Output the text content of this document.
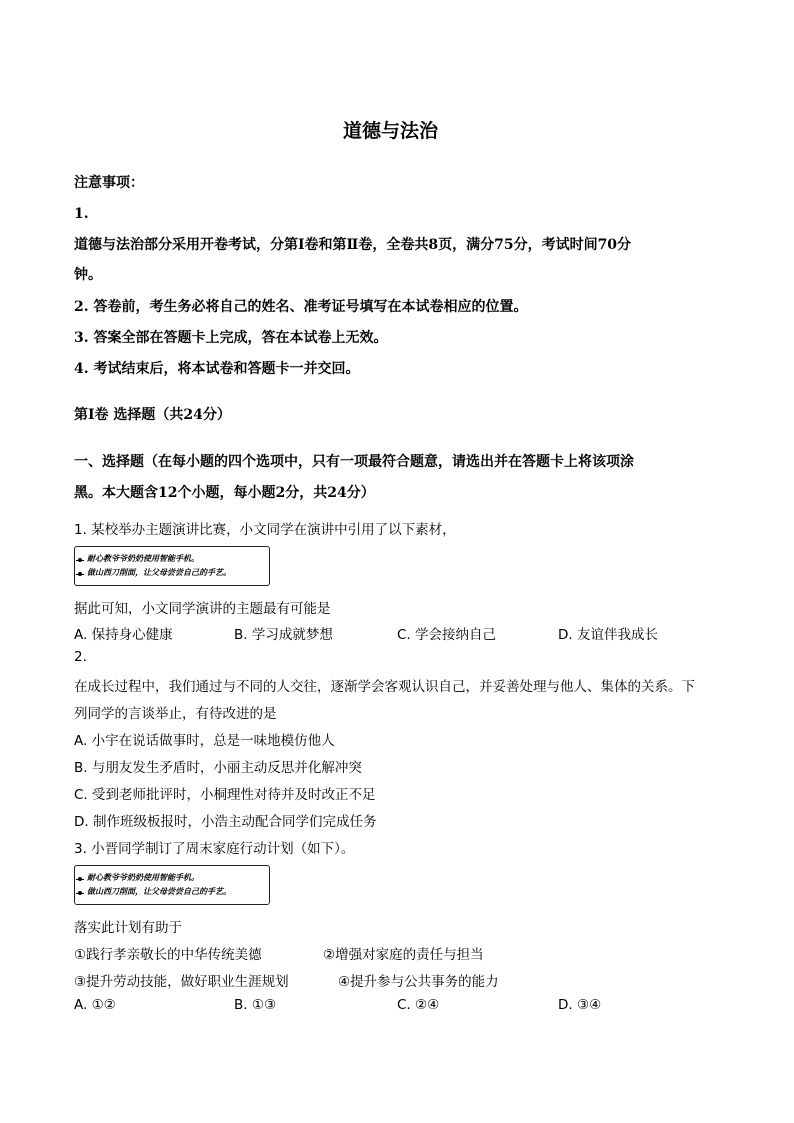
道德与法治
注意事项：
1.
道德与法治部分采用开卷考试，分第Ⅰ卷和第Ⅱ卷，全卷共8页，满分75分，考试时间70分
钟。
2. 答卷前，考生务必将自己的姓名、准考证号填写在本试卷相应的位置。
3. 答案全部在答题卡上完成，答在本试卷上无效。
4. 考试结束后，将本试卷和答题卡一并交回。
第Ⅰ卷 选择题（共24分）
一、选择题（在每小题的四个选项中，只有一项最符合题意，请选出并在答题卡上将该项涂
黑。本大题含12个小题，每小题2分，共24分）
1. 某校举办主题演讲比赛，小文同学在演讲中引用了以下素材，
耐心教爷爷奶奶使用智能手机。
做山西刀削面，让父母尝尝自己的手艺。
据此可知，小文同学演讲的主题最有可能是
A. 保持身心健康	B. 学习成就梦想	C. 学会接纳自己	D. 友谊伴我成长
2.
在成长过程中，我们通过与不同的人交往，逐渐学会客观认识自己，并妥善处理与他人、集体的关系。下
列同学的言谈举止，有待改进的是
A. 小宇在说话做事时，总是一味地模仿他人
B. 与朋友发生矛盾时，小丽主动反思并化解冲突
C. 受到老师批评时，小桐理性对待并及时改正不足
D. 制作班级板报时，小浩主动配合同学们完成任务
3. 小晋同学制订了周末家庭行动计划（如下）。
耐心教爷爷奶奶使用智能手机。
做山西刀削面，让父母尝尝自己的手艺。
落实此计划有助于
①践行孝亲敬长的中华传统美德	②增强对家庭的责任与担当
③提升劳动技能，做好职业生涯规划	④提升参与公共事务的能力
A. ①②	B. ①③	C. ②④	D. ③④
